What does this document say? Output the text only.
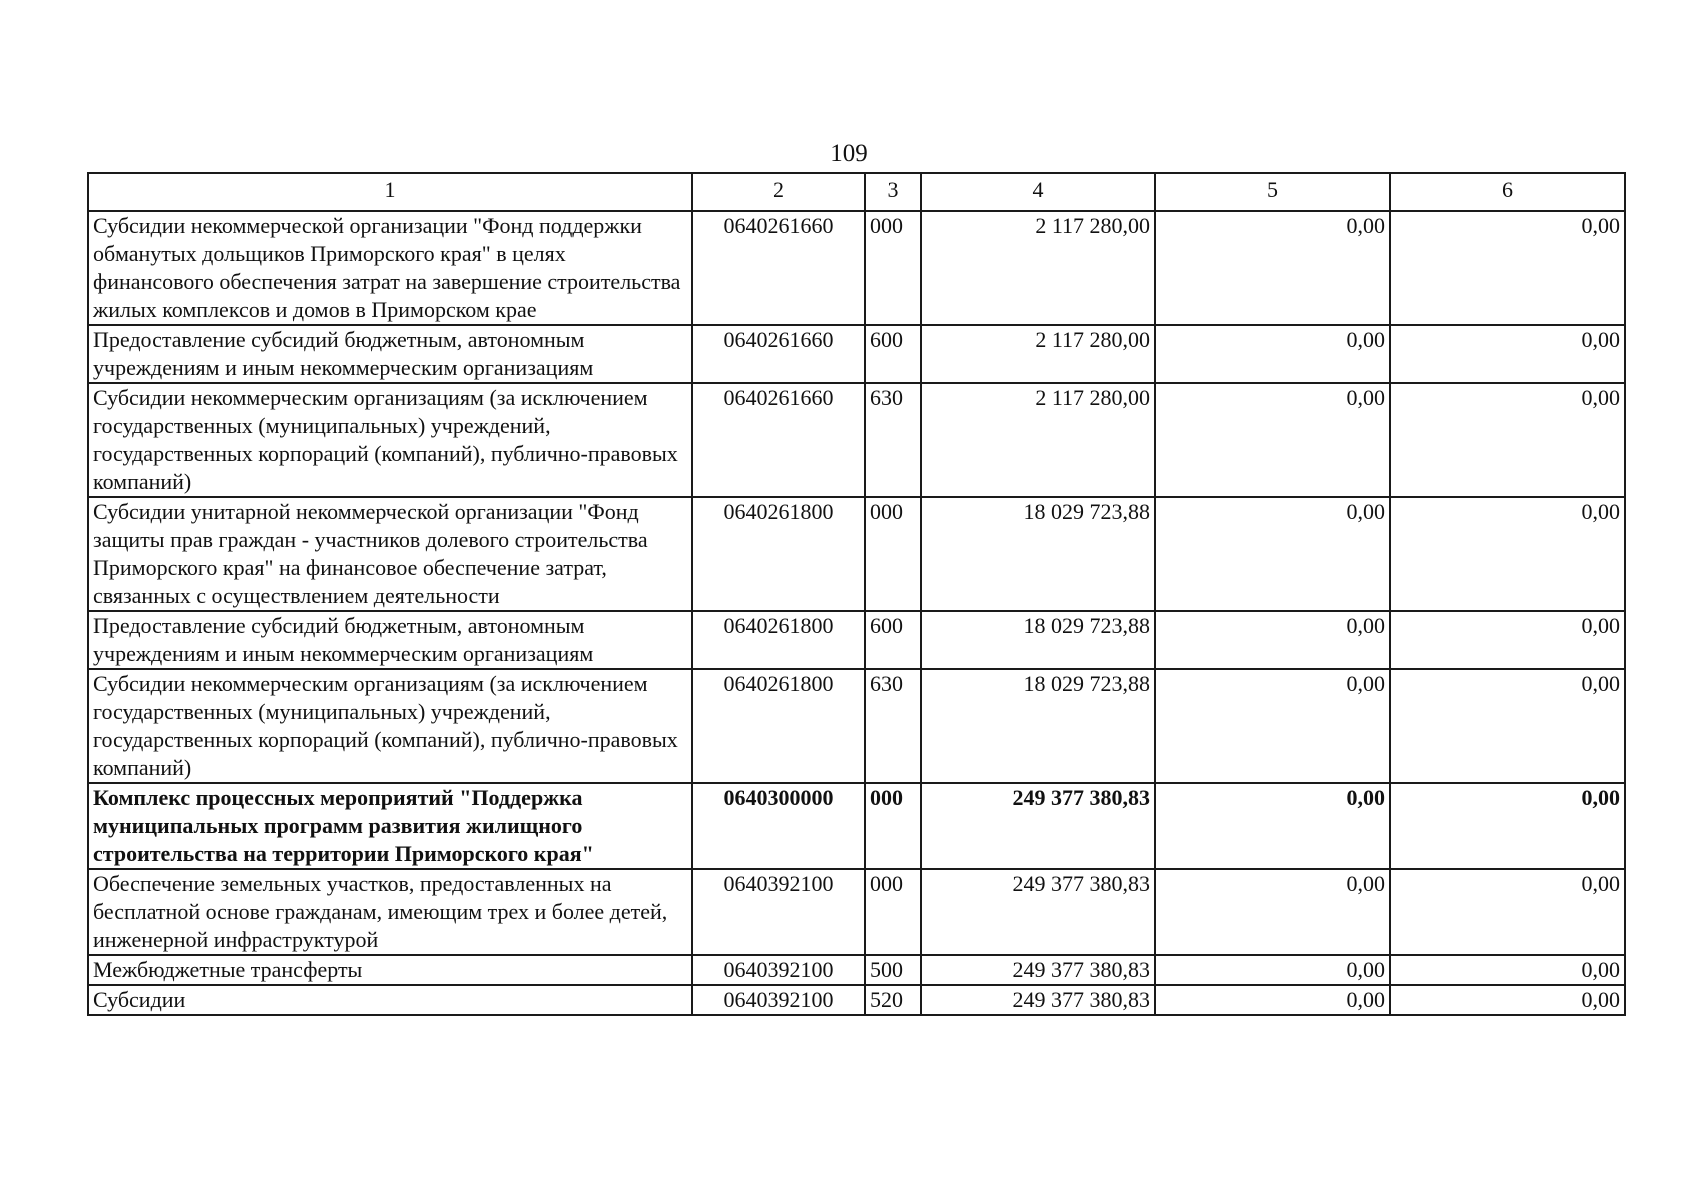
109
1	2	3	4	5	6
Субсидии некоммерческой организации "Фонд поддержки обманутых дольщиков Приморского края" в целях финансового обеспечения затрат на завершение строительства жилых комплексов и домов в Приморском крае	0640261660	000	2 117 280,00	0,00	0,00
Предоставление субсидий бюджетным, автономным учреждениям и иным некоммерческим организациям	0640261660	600	2 117 280,00	0,00	0,00
Субсидии некоммерческим организациям (за исключением государственных (муниципальных) учреждений, государственных корпораций (компаний), публично-правовых компаний)	0640261660	630	2 117 280,00	0,00	0,00
Субсидии унитарной некоммерческой организации "Фонд защиты прав граждан - участников долевого строительства Приморского края" на финансовое обеспечение затрат, связанных с осуществлением деятельности	0640261800	000	18 029 723,88	0,00	0,00
Предоставление субсидий бюджетным, автономным учреждениям и иным некоммерческим организациям	0640261800	600	18 029 723,88	0,00	0,00
Субсидии некоммерческим организациям (за исключением государственных (муниципальных) учреждений, государственных корпораций (компаний), публично-правовых компаний)	0640261800	630	18 029 723,88	0,00	0,00
Комплекс процессных мероприятий "Поддержка муниципальных программ развития жилищного строительства на территории Приморского края"	0640300000	000	249 377 380,83	0,00	0,00
Обеспечение земельных участков, предоставленных на бесплатной основе гражданам, имеющим трех и более детей, инженерной инфраструктурой	0640392100	000	249 377 380,83	0,00	0,00
Межбюджетные трансферты	0640392100	500	249 377 380,83	0,00	0,00
Субсидии	0640392100	520	249 377 380,83	0,00	0,00
